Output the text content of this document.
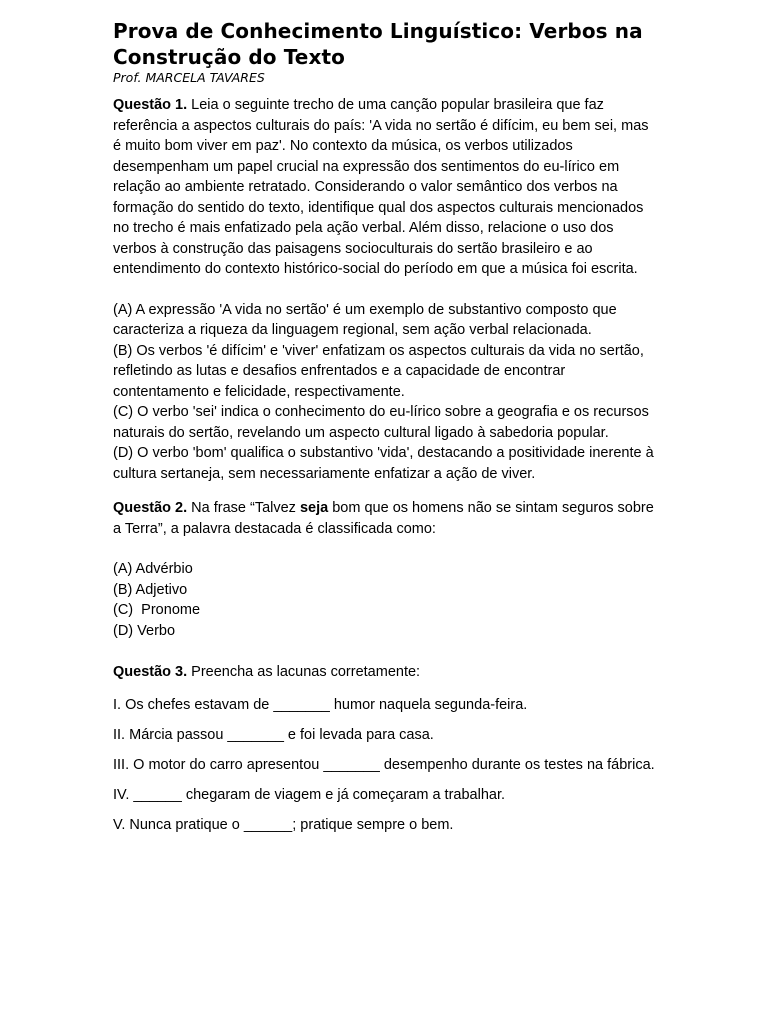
Prova de Conhecimento Linguístico: Verbos na Construção do Texto

Prof. MARCELA TAVARES

Questão 1. Leia o seguinte trecho de uma canção popular brasileira que faz referência a aspectos culturais do país: 'A vida no sertão é difícim, eu bem sei, mas é muito bom viver em paz'. No contexto da música, os verbos utilizados desempenham um papel crucial na expressão dos sentimentos do eu-lírico em relação ao ambiente retratado. Considerando o valor semântico dos verbos na formação do sentido do texto, identifique qual dos aspectos culturais mencionados no trecho é mais enfatizado pela ação verbal. Além disso, relacione o uso dos verbos à construção das paisagens socioculturais do sertão brasileiro e ao entendimento do contexto histórico-social do período em que a música foi escrita.

(A) A expressão 'A vida no sertão' é um exemplo de substantivo composto que caracteriza a riqueza da linguagem regional, sem ação verbal relacionada.

(B) Os verbos 'é difícim' e 'viver' enfatizam os aspectos culturais da vida no sertão, refletindo as lutas e desafios enfrentados e a capacidade de encontrar contentamento e felicidade, respectivamente.

(C) O verbo 'sei' indica o conhecimento do eu-lírico sobre a geografia e os recursos naturais do sertão, revelando um aspecto cultural ligado à sabedoria popular.

(D) O verbo 'bom' qualifica o substantivo 'vida', destacando a positividade inerente à cultura sertaneja, sem necessariamente enfatizar a ação de viver.

Questão 2. Na frase “Talvez seja bom que os homens não se sintam seguros sobre a Terra”, a palavra destacada é classificada como:

(A) Advérbio

(B) Adjetivo

(C)  Pronome

(D) Verbo

Questão 3. Preencha as lacunas corretamente:

I. Os chefes estavam de _______ humor naquela segunda-feira.

II. Márcia passou _______ e foi levada para casa.

III. O motor do carro apresentou _______ desempenho durante os testes na fábrica.

IV. ______ chegaram de viagem e já começaram a trabalhar.

V. Nunca pratique o ______; pratique sempre o bem.
